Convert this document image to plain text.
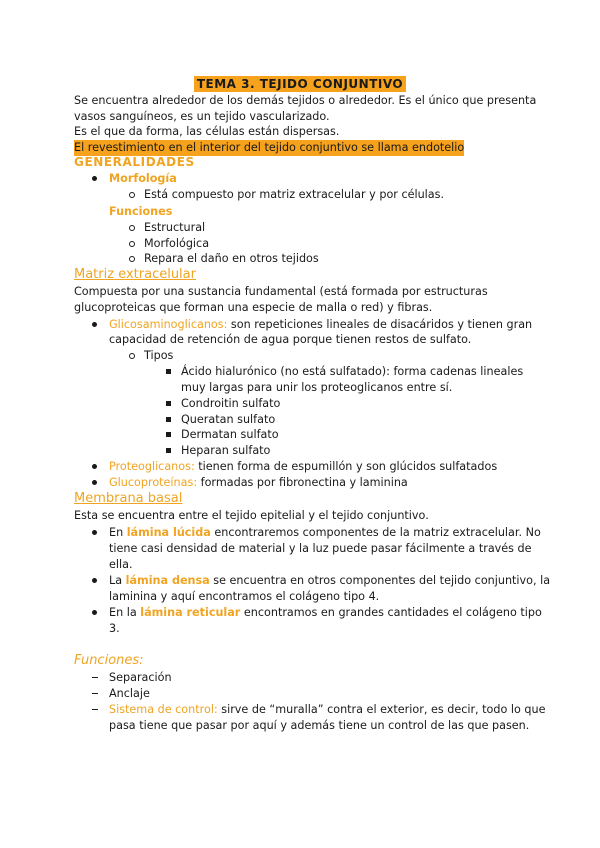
TEMA 3. TEJIDO CONJUNTIVO
Se encuentra alrededor de los demás tejidos o alrededor. Es el único que presenta
vasos sanguíneos, es un tejido vascularizado.
Es el que da forma, las células están dispersas.
El revestimiento en el interior del tejido conjuntivo se llama endotelio
GENERALIDADES
Morfología
Está compuesto por matriz extracelular y por células.
Funciones
Estructural
Morfológica
Repara el daño en otros tejidos
Matriz extracelular
Compuesta por una sustancia fundamental (está formada por estructuras
glucoproteicas que forman una especie de malla o red) y fibras.
Glicosaminoglicanos: son repeticiones lineales de disacáridos y tienen gran
capacidad de retención de agua porque tienen restos de sulfato.
Tipos
Ácido hialurónico (no está sulfatado): forma cadenas lineales
muy largas para unir los proteoglicanos entre sí.
Condroitin sulfato
Queratan sulfato
Dermatan sulfato
Heparan sulfato
Proteoglicanos: tienen forma de espumillón y son glúcidos sulfatados
Glucoproteínas: formadas por fibronectina y laminina
Membrana basal
Esta se encuentra entre el tejido epitelial y el tejido conjuntivo.
En lámina lúcida encontraremos componentes de la matriz extracelular. No
tiene casi densidad de material y la luz puede pasar fácilmente a través de
ella.
La lámina densa se encuentra en otros componentes del tejido conjuntivo, la
laminina y aquí encontramos el colágeno tipo 4.
En la lámina reticular encontramos en grandes cantidades el colágeno tipo
3.
Funciones:
Separación
Anclaje
Sistema de control: sirve de “muralla” contra el exterior, es decir, todo lo que
pasa tiene que pasar por aquí y además tiene un control de las que pasen.
